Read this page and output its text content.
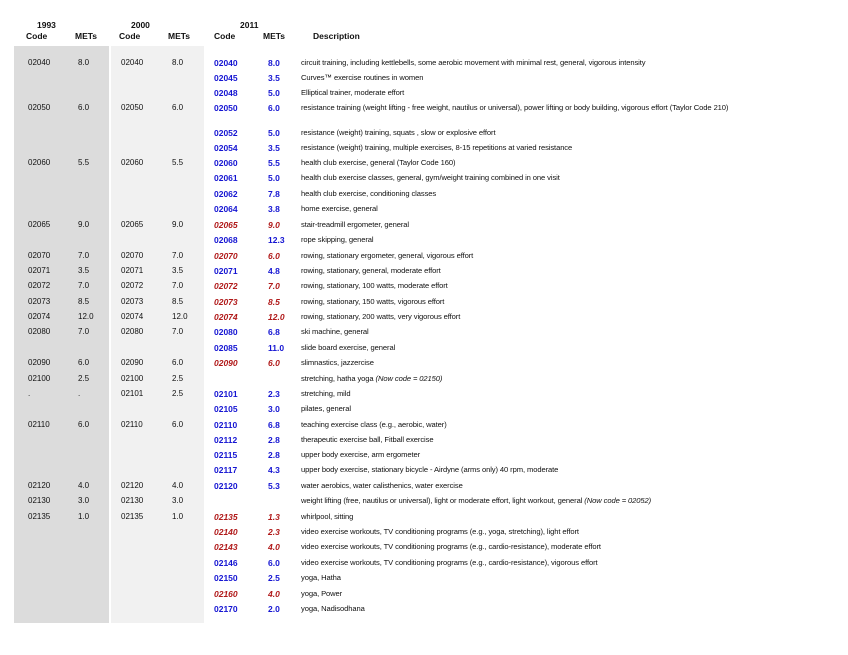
1993	2000	2011
Code	METs	Code	METs	Code	METs	Description
02040	8.0	02040	8.0	02040	8.0	circuit training, including kettlebells, some aerobic movement with minimal rest, general, vigorous intensity
02045	3.5	Curves™ exercise routines in women
02048	5.0	Elliptical trainer, moderate effort
02050	6.0	02050	6.0	02050	6.0	resistance training (weight lifting - free weight, nautilus or universal), power lifting or body building, vigorous effort (Taylor Code 210)
02052	5.0	resistance (weight) training, squats , slow or explosive effort
02054	3.5	resistance (weight) training, multiple exercises, 8-15 repetitions at varied resistance
02060	5.5	02060	5.5	02060	5.5	health club exercise, general (Taylor Code 160)
02061	5.0	health club exercise classes, general, gym/weight training combined in one visit
02062	7.8	health club exercise, conditioning classes
02064	3.8	home exercise, general
02065	9.0	02065	9.0	02065	9.0	stair-treadmill ergometer, general
02068	12.3 rope skipping, general
02070	7.0	02070	7.0	02070	6.0	rowing, stationary ergometer, general, vigorous effort
02071	3.5	02071	3.5	02071	4.8	rowing, stationary, general, moderate effort
02072	7.0	02072	7.0	02072	7.0	rowing, stationary, 100 watts, moderate effort
02073	8.5	02073	8.5	02073	8.5	rowing, stationary, 150 watts, vigorous effort
02074	12.0	02074	12.0	02074	12.0 rowing, stationary, 200 watts, very vigorous effort
02080	7.0	02080	7.0	02080	6.8	ski machine, general
02085	11.0 slide board exercise, general
02090	6.0	02090	6.0	02090	6.0	slimnastics, jazzercise
02100	2.5	02100	2.5	stretching, hatha yoga (Now code = 02150)
.	.	02101	2.5	02101	2.3	stretching, mild
02105	3.0	pilates, general
02110	6.0	02110	6.0	02110	6.8	teaching exercise class (e.g., aerobic, water)
02112	2.8	therapeutic exercise ball, Fitball exercise
02115	2.8	upper body exercise, arm ergometer
02117	4.3	upper body exercise, stationary bicycle - Airdyne (arms only) 40 rpm, moderate
02120	4.0	02120	4.0	02120	5.3	water aerobics, water calisthenics, water exercise
02130	3.0	02130	3.0	weight lifting (free, nautilus or universal), light or moderate effort, light workout, general (Now code = 02052)
02135	1.0	02135	1.0	02135	1.3	whirlpool, sitting
02140	2.3	video exercise workouts, TV conditioning programs (e.g., yoga, stretching), light effort
02143	4.0	video exercise workouts, TV conditioning programs (e.g., cardio-resistance), moderate effort
02146	6.0	video exercise workouts, TV conditioning programs (e.g., cardio-resistance), vigorous effort
02150	2.5	yoga, Hatha
02160	4.0	yoga, Power
02170	2.0	yoga, Nadisodhana
